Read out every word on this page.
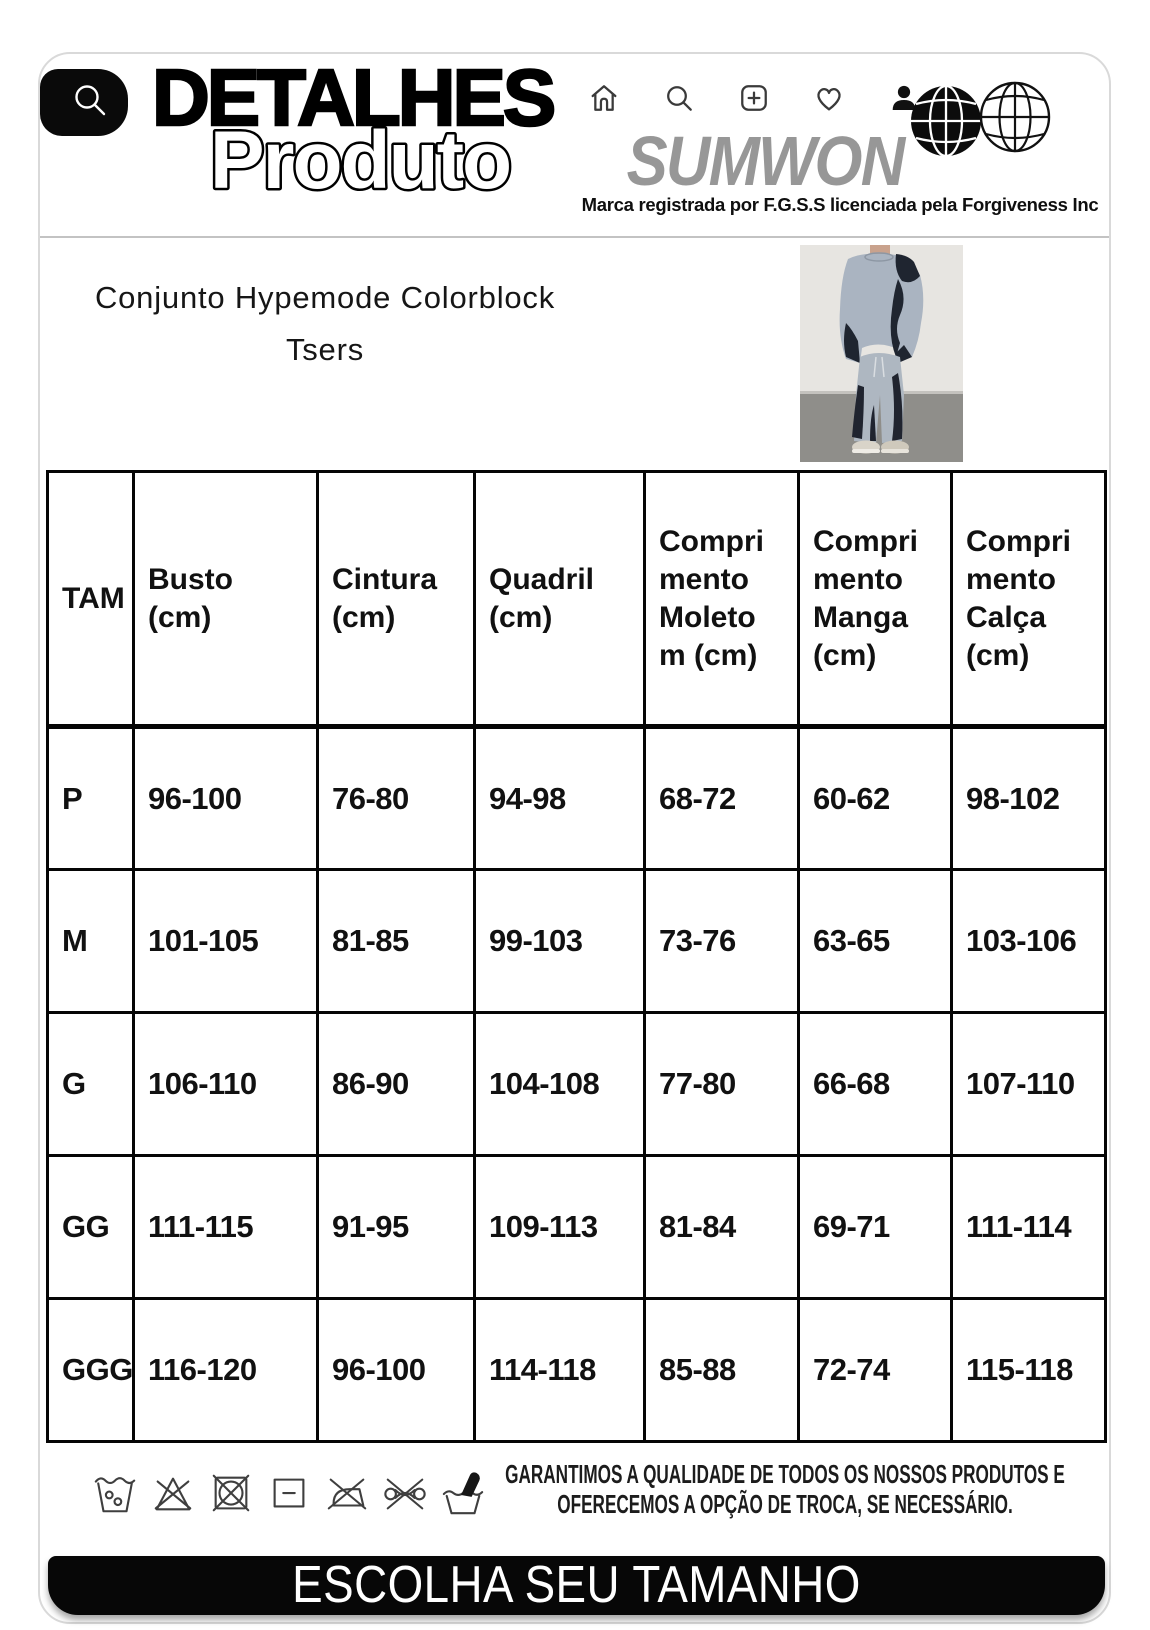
DETALHES
Produto	SUMWON
Marca registrada por F.G.S.S licenciada pela Forgiveness Inc
Conjunto Hypemode Colorblock
Tsers
TAM	Busto (cm)	Cintura (cm)	Quadril (cm)	Comprimento Moletom (cm)	Comprimento Manga (cm)	Comprimento Calça (cm)

P	96-100	76-80	94-98	68-72	60-62	98-102
M	101-105	81-85	99-103	73-76	63-65	103-106
G	106-110	86-90	104-108	77-80	66-68	107-110
GG	111-115	91-95	109-113	81-84	69-71	111-114
GGG	116-120	96-100	114-118	85-88	72-74	115-118
GARANTIMOS A QUALIDADE DE TODOS OS NOSSOS PRODUTOS E
OFERECEMOS A OPÇÃO DE TROCA, SE NECESSÁRIO.
ESCOLHA SEU TAMANHO
